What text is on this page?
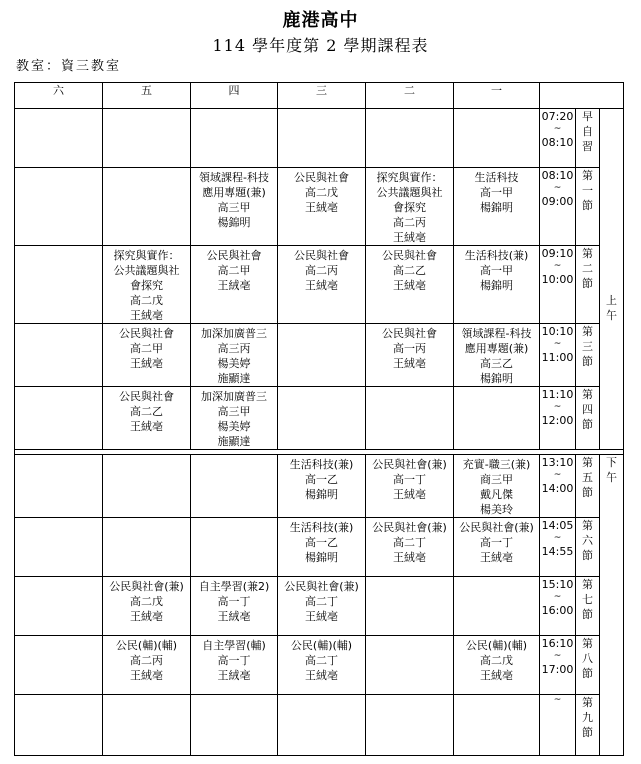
鹿港高中
114 學年度第 2 學期課程表
教室：資三教室
六	五	四	三	二	一			

						07:20
~
08:10	早
自
習	上
午

		領域課程-科技
應用專題(兼)
高三甲
楊錦明	公民與社會
高二戊
王絨亳	探究與實作：
公共議題與社
會探究
高二丙
王絨亳	生活科技
高一甲
楊錦明	08:10
~
09:00	第
一
節	

	探究與實作：
公共議題與社
會探究
高二戊
王絨亳	公民與社會
高二甲
王絨亳	公民與社會
高二丙
王絨亳	公民與社會
高二乙
王絨亳	生活科技(兼)
高一甲
楊錦明	09:10
~
10:00	第
二
節	

	公民與社會
高二甲
王絨亳	加深加廣普三
高三丙
楊美婷
施顯達		公民與社會
高一丙
王絨亳	領域課程-科技
應用專題(兼)
高三乙
楊錦明	10:10
~
11:00	第
三
節	

	公民與社會
高二乙
王絨亳	加深加廣普三
高三甲
楊美婷
施顯達				11:10
~
12:00	第
四
節	

			生活科技(兼)
高一乙
楊錦明	公民與社會(兼)
高一丁
王絨亳	充實-職三(兼)
商三甲
戴凡傑
楊美玲	13:10
~
14:00	第
五
節	下
午

			生活科技(兼)
高一乙
楊錦明	公民與社會(兼)
高二丁
王絨亳	公民與社會(兼)
高一丁
王絨亳	14:05
~
14:55	第
六
節	

	公民與社會(兼)
高二戊
王絨亳	自主學習(兼2)
高一丁
王絨亳	公民與社會(兼)
高二丁
王絨亳			15:10
~
16:00	第
七
節	

	公民(輔)(輔)
高二丙
王絨亳	自主學習(輔)
高一丁
王絨亳	公民(輔)(輔)
高二丁
王絨亳		公民(輔)(輔)
高二戊
王絨亳	16:10
~
17:00	第
八
節	

						~	第
九
節	
